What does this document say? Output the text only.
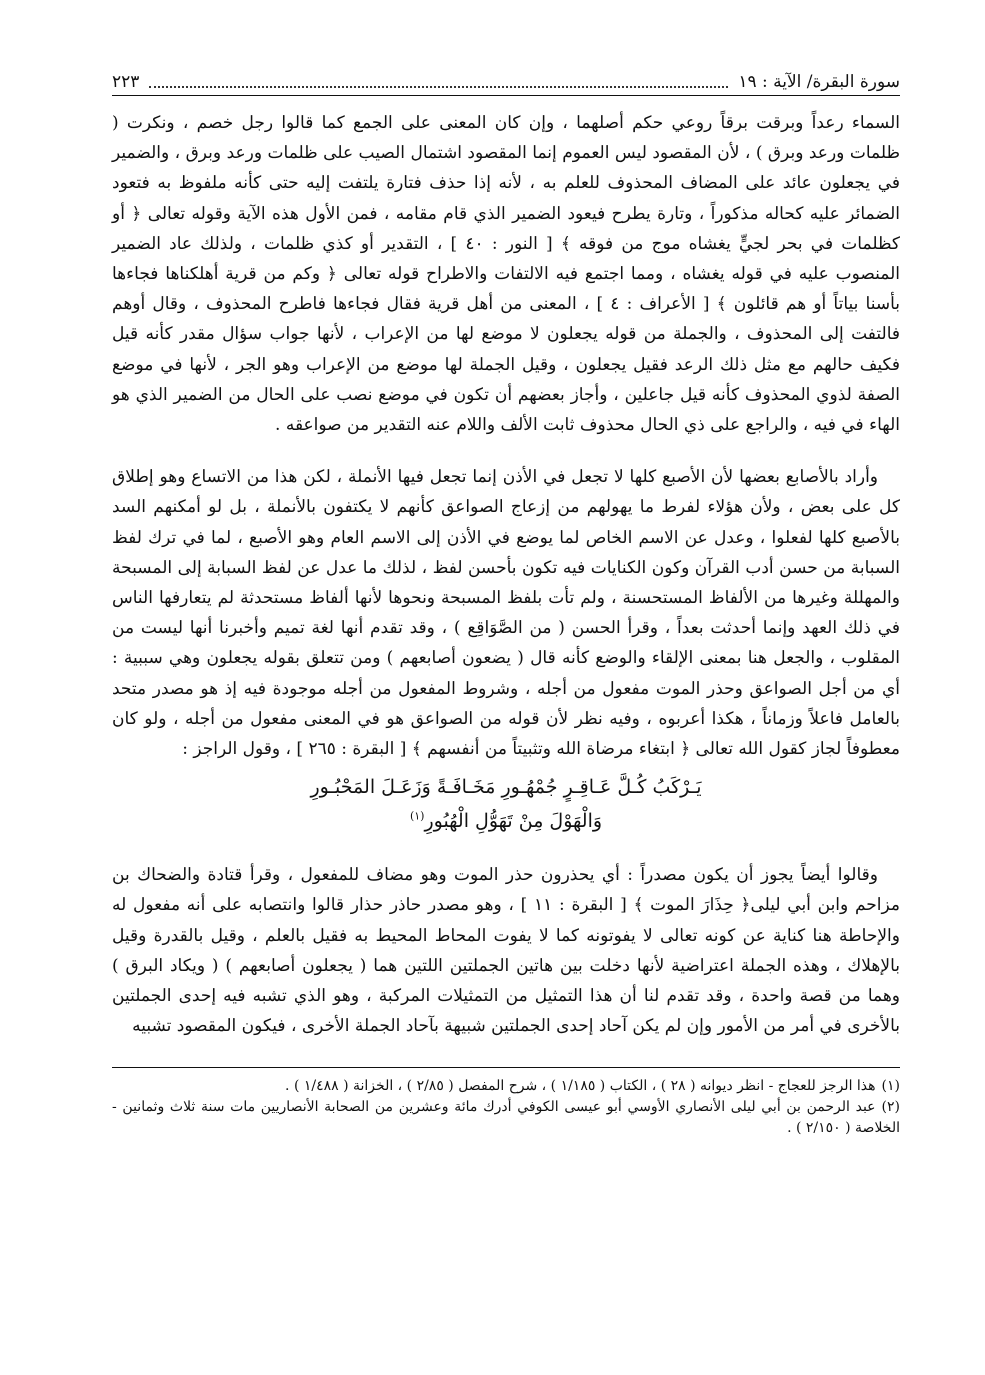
سورة البقرة/ الآية : ١٩
٢٢٣

السماء رعداً وبرقت برقاً روعي حكم أصلهما ، وإن كان المعنى على الجمع كما قالوا رجل خصم ، ونكرت ( ظلمات ورعد وبرق ) ، لأن المقصود ليس العموم إنما المقصود اشتمال الصيب على ظلمات ورعد وبرق ، والضمير في يجعلون عائد على المضاف المحذوف للعلم به ، لأنه إذا حذف فتارة يلتفت إليه حتى كأنه ملفوظ به فتعود الضمائر عليه كحاله مذكوراً ، وتارة يطرح فيعود الضمير الذي قام مقامه ، فمن الأول هذه الآية وقوله تعالى ﴿ أو كظلمات في بحر لجيٍّ يغشاه موج من فوقه ﴾ [ النور : ٤٠ ] ، التقدير أو كذي ظلمات ، ولذلك عاد الضمير المنصوب عليه في قوله يغشاه ، ومما اجتمع فيه الالتفات والاطراح قوله تعالى ﴿ وكم من قرية أهلكناها فجاءها بأسنا بياتاً أو هم قائلون ﴾ [ الأعراف : ٤ ] ، المعنى من أهل قرية فقال فجاءها فاطرح المحذوف ، وقال أوهم فالتفت إلى المحذوف ، والجملة من قوله يجعلون لا موضع لها من الإعراب ، لأنها جواب سؤال مقدر كأنه قيل فكيف حالهم مع مثل ذلك الرعد فقيل يجعلون ، وقيل الجملة لها موضع من الإعراب وهو الجر ، لأنها في موضع الصفة لذوي المحذوف كأنه قيل جاعلين ، وأجاز بعضهم أن تكون في موضع نصب على الحال من الضمير الذي هو الهاء في فيه ، والراجع على ذي الحال محذوف ثابت الألف واللام عنه التقدير من صواعقه .

وأراد بالأصابع بعضها لأن الأصبع كلها لا تجعل في الأذن إنما تجعل فيها الأنملة ، لكن هذا من الاتساع وهو إطلاق كل على بعض ، ولأن هؤلاء لفرط ما يهولهم من إزعاج الصواعق كأنهم لا يكتفون بالأنملة ، بل لو أمكنهم السد بالأصبع كلها لفعلوا ، وعدل عن الاسم الخاص لما يوضع في الأذن إلى الاسم العام وهو الأصبع ، لما في ترك لفظ السبابة من حسن أدب القرآن وكون الكنايات فيه تكون بأحسن لفظ ، لذلك ما عدل عن لفظ السبابة إلى المسبحة والمهللة وغيرها من الألفاظ المستحسنة ، ولم تأت بلفظ المسبحة ونحوها لأنها ألفاظ مستحدثة لم يتعارفها الناس في ذلك العهد وإنما أحدثت بعداً ، وقرأ الحسن ( من الصَّوَاقِع ) ، وقد تقدم أنها لغة تميم وأخبرنا أنها ليست من المقلوب ، والجعل هنا بمعنى الإلقاء والوضع كأنه قال ( يضعون أصابعهم ) ومن تتعلق بقوله يجعلون وهي سببية : أي من أجل الصواعق وحذر الموت مفعول من أجله ، وشروط المفعول من أجله موجودة فيه إذ هو مصدر متحد بالعامل فاعلاً وزماناً ، هكذا أعربوه ، وفيه نظر لأن قوله من الصواعق هو في المعنى مفعول من أجله ، ولو كان معطوفاً لجاز كقول الله تعالى ﴿ ابتغاء مرضاة الله وتثبيتاً من أنفسهم ﴾ [ البقرة : ٢٦٥ ] ، وقول الراجز :

يَـرْكَبُ كُـلَّ عَـاقِـرٍ جُمْهُـورِ مَخَـافَـةً وَزَعَـلَ المَحْبُـورِ
وَالْهَوْلَ مِنْ تَهَوُّلِ الْهُبُورِ$^{(١)}$

وقالوا أيضاً يجوز أن يكون مصدراً : أي يحذرون حذر الموت وهو مضاف للمفعول ، وقرأ قتادة والضحاك بن مزاحم وابن أبي ليلى﴿ حِذَارَ الموت ﴾ [ البقرة : ١١ ] ، وهو مصدر حاذر حذار قالوا وانتصابه على أنه مفعول له والإحاطة هنا كناية عن كونه تعالى لا يفوتونه كما لا يفوت المحاط المحيط به فقيل بالعلم ، وقيل بالقدرة وقيل بالإهلاك ، وهذه الجملة اعتراضية لأنها دخلت بين هاتين الجملتين اللتين هما ( يجعلون أصابعهم ) ( ويكاد البرق ) وهما من قصة واحدة ، وقد تقدم لنا أن هذا التمثيل من التمثيلات المركبة ، وهو الذي تشبه فيه إحدى الجملتين بالأخرى في أمر من الأمور وإن لم يكن آحاد إحدى الجملتين شبيهة بآحاد الجملة الأخرى ، فيكون المقصود تشبيه

(١)هذا الرجز للعجاج - انظر ديوانه ( ٢٨ ) ، الكتاب ( ١/١٨٥ ) ، شرح المفصل ( ٢/٨٥ ) ، الخزانة ( ١/٤٨٨ ) .
(٢)عبد الرحمن بن أبي ليلى الأنصاري الأوسي أبو عيسى الكوفي أدرك مائة وعشرين من الصحابة الأنصاريين مات سنة ثلاث وثمانين - الخلاصة ( ٢/١٥٠ ) .
